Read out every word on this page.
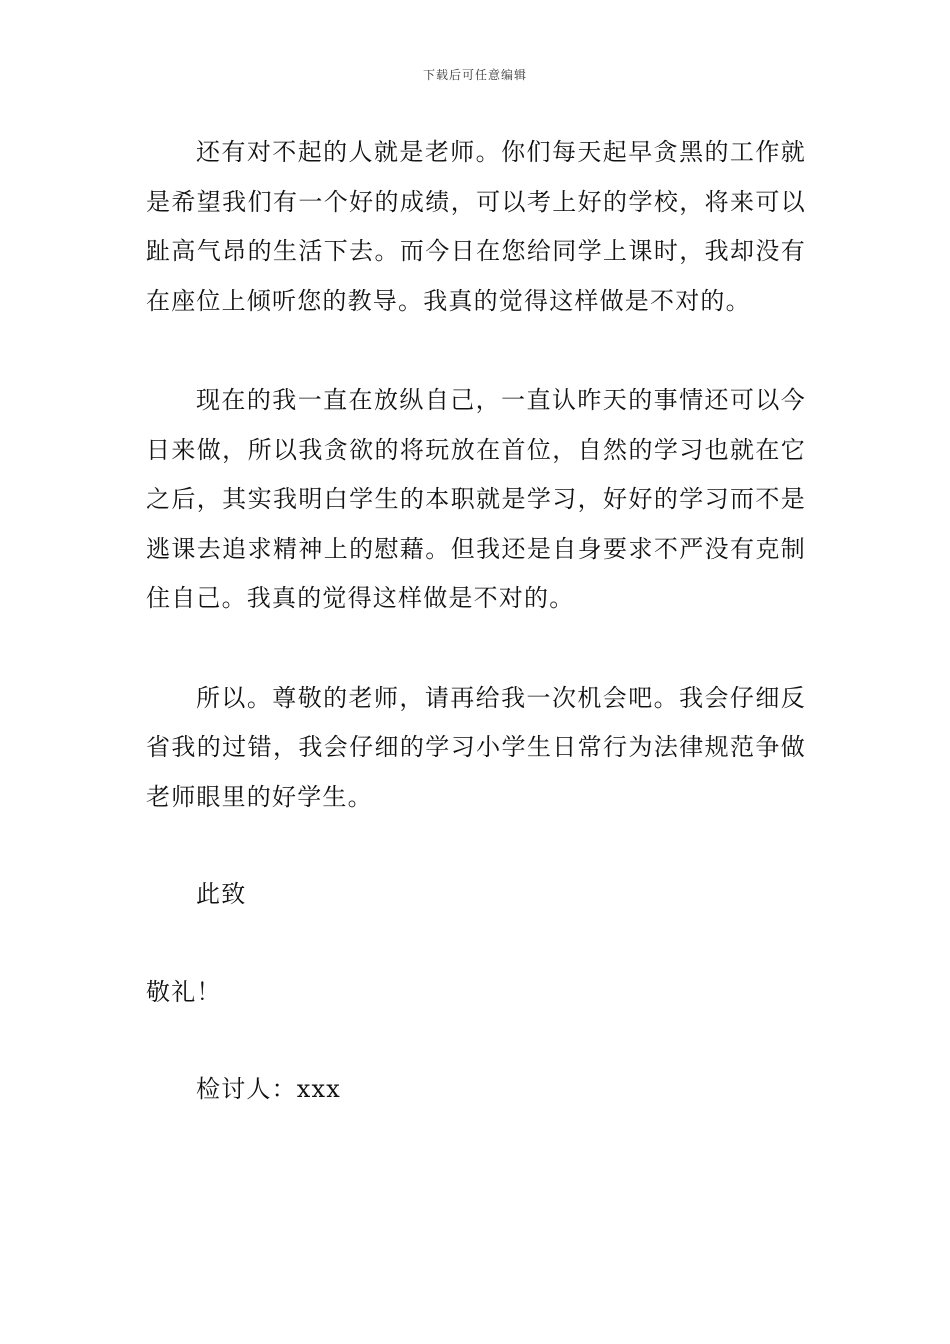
下载后可任意编辑

还有对不起的人就是老师。你们每天起早贪黑的工作就是希望我们有一个好的成绩，可以考上好的学校，将来可以趾高气昂的生活下去。而今日在您给同学上课时，我却没有在座位上倾听您的教导。我真的觉得这样做是不对的。

现在的我一直在放纵自己，一直认昨天的事情还可以今日来做，所以我贪欲的将玩放在首位，自然的学习也就在它之后，其实我明白学生的本职就是学习，好好的学习而不是逃课去追求精神上的慰藉。但我还是自身要求不严没有克制住自己。我真的觉得这样做是不对的。

所以。尊敬的老师，请再给我一次机会吧。我会仔细反省我的过错，我会仔细的学习小学生日常行为法律规范争做老师眼里的好学生。

此致

敬礼！

检讨人：xxx
